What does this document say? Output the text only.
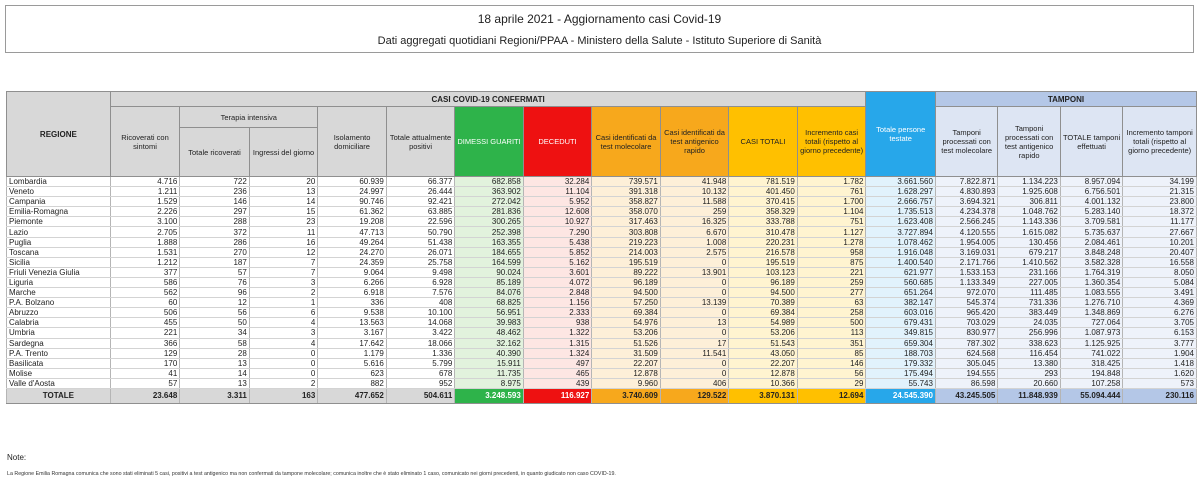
18 aprile 2021 - Aggiornamento casi Covid-19
Dati aggregati quotidiani Regioni/PPAA - Ministero della Salute - Istituto Superiore di Sanità
REGIONE	CASI COVID-19 CONFERMATI											Totale persone testate	TAMPONI			
	Ricoverati con sintomi	Terapia intensiva		Isolamento domiciliare	Totale attualmente positivi	DIMESSI GUARITI	DECEDUTI	Casi identificati da test molecolare	Casi identificati da test antigenico rapido	CASI TOTALI	Incremento casi totali (rispetto al giorno precedente)		Tamponi processati con test molecolare	Tamponi processati con test antigenico rapido	TOTALE tamponi effettuati	Incremento tamponi totali (rispetto al giorno precedente)
		Totale ricoverati	Ingressi del giorno													
Lombardia	4.716	722	20	60.939	66.377	682.858	32.284	739.571	41.948	781.519	1.782	3.661.560	7.822.871	1.134.223	8.957.094	34.199
Veneto	1.211	236	13	24.997	26.444	363.902	11.104	391.318	10.132	401.450	761	1.628.297	4.830.893	1.925.608	6.756.501	21.315
Campania	1.529	146	14	90.746	92.421	272.042	5.952	358.827	11.588	370.415	1.700	2.666.757	3.694.321	306.811	4.001.132	23.800
Emilia-Romagna	2.226	297	15	61.362	63.885	281.836	12.608	358.070	259	358.329	1.104	1.735.513	4.234.378	1.048.762	5.283.140	18.372
Piemonte	3.100	288	23	19.208	22.596	300.265	10.927	317.463	16.325	333.788	751	1.623.408	2.566.245	1.143.336	3.709.581	11.177
Lazio	2.705	372	11	47.713	50.790	252.398	7.290	303.808	6.670	310.478	1.127	3.727.894	4.120.555	1.615.082	5.735.637	27.667
Puglia	1.888	286	16	49.264	51.438	163.355	5.438	219.223	1.008	220.231	1.278	1.078.462	1.954.005	130.456	2.084.461	10.201
Toscana	1.531	270	12	24.270	26.071	184.655	5.852	214.003	2.575	216.578	958	1.916.048	3.169.031	679.217	3.848.248	20.407
Sicilia	1.212	187	7	24.359	25.758	164.599	5.162	195.519	0	195.519	875	1.400.540	2.171.766	1.410.562	3.582.328	16.558
Friuli Venezia Giulia	377	57	7	9.064	9.498	90.024	3.601	89.222	13.901	103.123	221	621.977	1.533.153	231.166	1.764.319	8.050
Liguria	586	76	3	6.266	6.928	85.189	4.072	96.189	0	96.189	259	560.685	1.133.349	227.005	1.360.354	5.084
Marche	562	96	2	6.918	7.576	84.076	2.848	94.500	0	94.500	277	651.264	972.070	111.485	1.083.555	3.491
P.A. Bolzano	60	12	1	336	408	68.825	1.156	57.250	13.139	70.389	63	382.147	545.374	731.336	1.276.710	4.369
Abruzzo	506	56	6	9.538	10.100	56.951	2.333	69.384	0	69.384	258	603.016	965.420	383.449	1.348.869	6.276
Calabria	455	50	4	13.563	14.068	39.983	938	54.976	13	54.989	500	679.431	703.029	24.035	727.064	3.705
Umbria	221	34	3	3.167	3.422	48.462	1.322	53.206	0	53.206	113	349.815	830.977	256.996	1.087.973	6.153
Sardegna	366	58	4	17.642	18.066	32.162	1.315	51.526	17	51.543	351	659.304	787.302	338.623	1.125.925	3.777
P.A. Trento	129	28	0	1.179	1.336	40.390	1.324	31.509	11.541	43.050	85	188.703	624.568	116.454	741.022	1.904
Basilicata	170	13	0	5.616	5.799	15.911	497	22.207	0	22.207	146	179.332	305.045	13.380	318.425	1.418
Molise	41	14	0	623	678	11.735	465	12.878	0	12.878	56	175.494	194.555	293	194.848	1.620
Valle d'Aosta	57	13	2	882	952	8.975	439	9.960	406	10.366	29	55.743	86.598	20.660	107.258	573
TOTALE	23.648	3.311	163	477.652	504.611	3.248.593	116.927	3.740.609	129.522	3.870.131	12.694	24.545.390	43.245.505	11.848.939	55.094.444	230.116
Note:
La Regione Emilia Romagna comunica che sono stati eliminati 5 casi, positivi a test antigenico ma non confermati da tampone molecolare; comunica inoltre che è stato eliminato 1 caso, comunicato nei giorni precedenti, in quanto giudicato non caso COVID-19.
